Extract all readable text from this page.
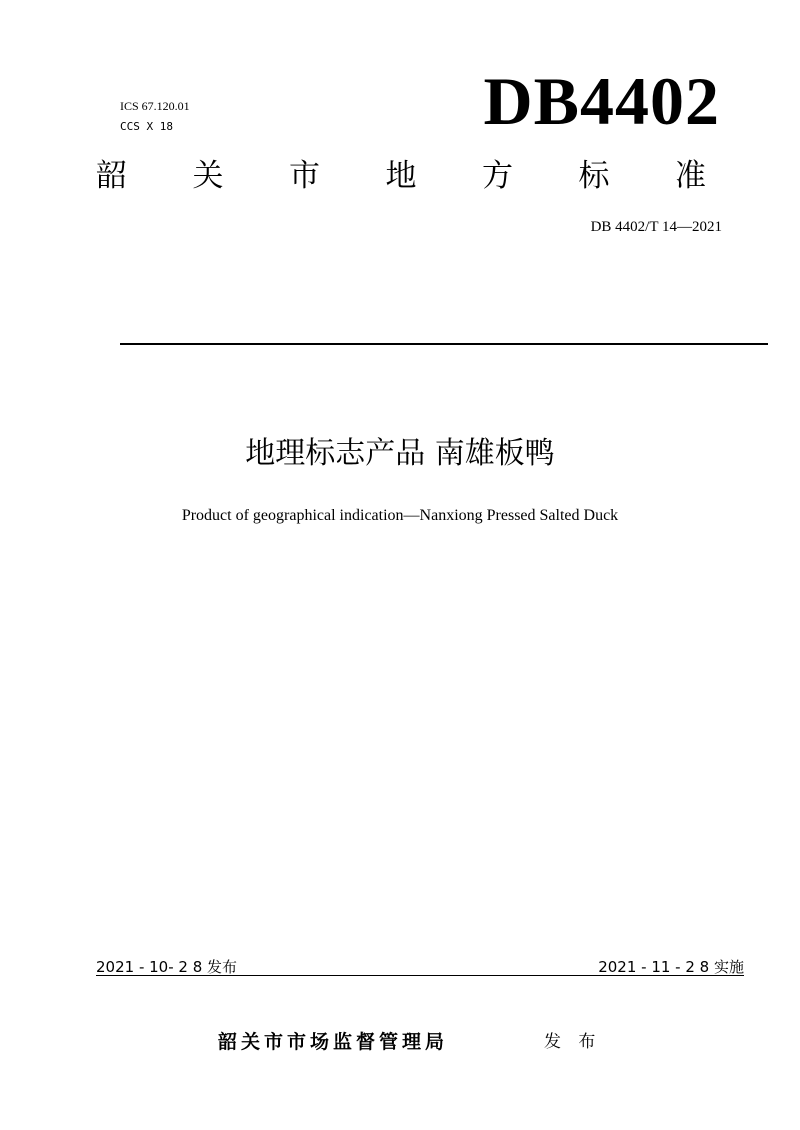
ICS 67.120.01
CCS X 18	DB4402
韶 关 市 地 方 标 准
DB 4402/T 14—2021
地理标志产品 南雄板鸭
Product of geographical indication—Nanxiong Pressed Salted Duck
2021 - 10- 2 8 发布	2021 - 11 - 2 8 实施
韶关市市场监督管理局	发 布
